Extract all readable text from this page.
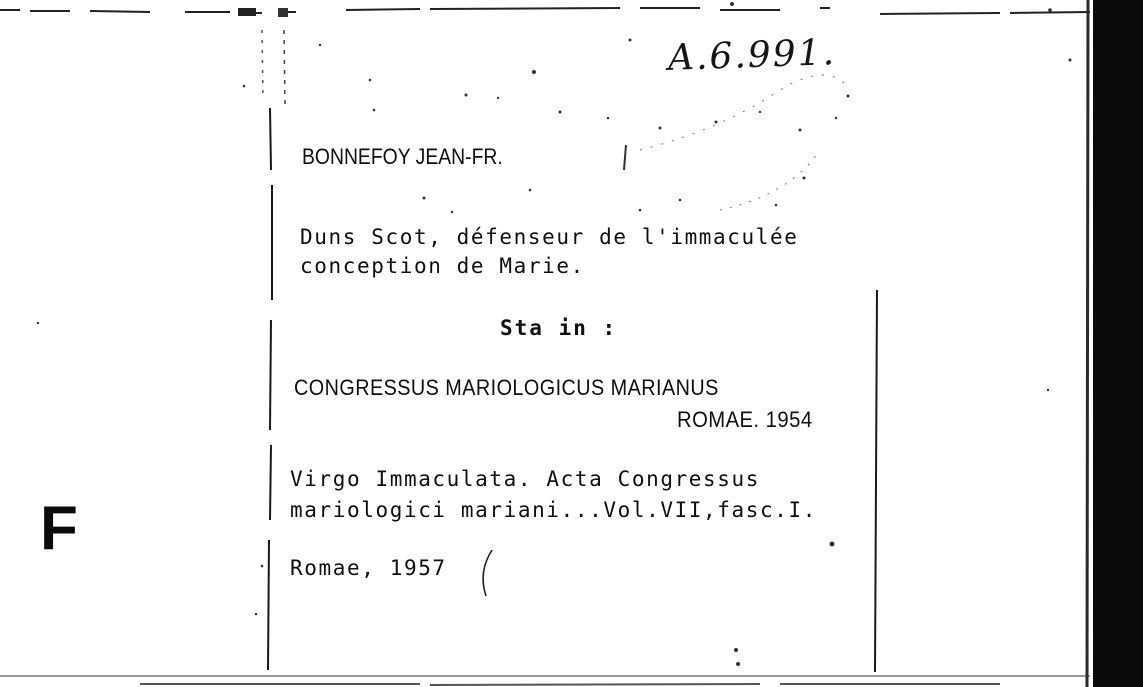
A.6.991.
BONNEFOY JEAN-FR.
Duns Scot, défenseur de l'immaculée
conception de Marie.
Sta in :
CONGRESSUS MARIOLOGICUS MARIANUS
ROMAE. 1954
Virgo Immaculata. Acta Congressus
mariologici mariani...Vol.VII,fasc.I.
Romae, 1957
F
